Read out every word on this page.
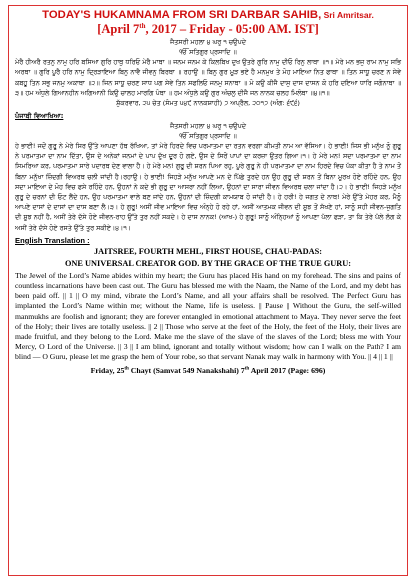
TODAY'S HUKAMNAMA FROM SRI DARBAR SAHIB, Sri Amritsar.
[April 7th, 2017 – Friday - 05:00 AM. IST]
ਜੈਤਸਰੀ ਮਹਲਾ ੪ ਘਰੁ ੧ ਚਉਪਦੇ
ੴ ਸਤਿਗੁਰ ਪ੍ਰਸਾਦਿ ॥
ਮੇਰੈ ਹੀਅਰੈ ਰਤਨੁ ਨਾਮੁ ਹਰਿ ਬਸਿਆ ਗੁਰਿ ਹਾਥੁ ਧਰਿਓ ਮੇਰੈ ਮਾਥਾ ॥ ਜਨਮ ਜਨਮ ਕੇ ਕਿਲਬਿਖ ਦੁਖ ਉਤਰੇ ਗੁਰਿ ਨਾਮੁ ਦੀਓ ਰਿਨੁ ਲਾਥਾ ॥੧॥ ਮੇਰੇ ਮਨ ਭਜੁ ਰਾਮ ਨਾਮੁ ਸਭਿ ਅਰਥਾ ॥ ਗੁਰਿ ਪੂਰੈ ਹਰਿ ਨਾਮੁ ਦ੍ਰਿੜਾਇਆ ਬਿਨੁ ਨਾਵੈ ਜੀਵਨੁ ਬਿਰਥਾ ॥ ਰਹਾਉ ॥ ਬਿਨੁ ਗੁਰ ਮੂੜ ਭਏ ਹੈ ਮਨਮੁਖ ਤੇ ਮੋਹ ਮਾਇਆ ਨਿਤ ਫਾਥਾ ॥ ਤਿਨ ਸਾਧੂ ਚਰਣ ਨ ਸੇਵੇ ਕਬਹੂ ਤਿਨ ਸਭੁ ਜਨਮੁ ਅਕਾਥਾ ॥੨॥ ਜਿਨ ਸਾਧੂ ਚਰਣ ਸਾਧ ਪਗ ਸੇਵੇ ਤਿਨ ਸਫਲਿਓ ਜਨਮੁ ਸਨਾਥਾ ॥ ਮੋ ਕਉ ਕੀਜੈ ਦਾਸੁ ਦਾਸ ਦਾਸਨ ਕੋ ਹਰਿ ਦਇਆ ਧਾਰਿ ਜਗੰਨਾਥਾ ॥੩॥ ਹਮ ਅੰਧੁਲੇ ਗਿਆਨਹੀਨ ਅਗਿਆਨੀ ਕਿਉ ਚਾਲਹ ਮਾਰਗਿ ਪੰਥਾ ॥ ਹਮ ਅੰਧੁਲੇ ਕਉ ਗੁਰ ਅੰਚਲੁ ਦੀਜੈ ਜਨ ਨਾਨਕ ਚਲਹ ਮਿਲੰਥਾ ॥੪॥੧॥
ਸ਼ੁੱਕਰਵਾਰ, ੨੫ ਚੇਤ (ਸੰਮਤ ੫੪੯ ਨਾਨਕਸ਼ਾਹੀ) ੭ ਅਪ੍ਰੈਲ, ੨੦੧੭ (ਅੰਗ: ੬੯੬)
ਪੰਜਾਬੀ ਵਿਆਖਿਆ:
ਜੈਤਸਰੀ ਮਹਲਾ ੪ ਘਰੁ ੧ ਚਉਪਦੇ
ੴ ਸਤਿਗੁਰ ਪ੍ਰਸਾਦਿ ॥
ਹੇ ਭਾਈ! ਜਦੋਂ ਗੁਰੂ ਨੇ ਮੇਰੇ ਸਿਰ ਉੱਤੇ ਆਪਣਾ ਹੱਥ ਰੱਖਿਆ, ਤਾਂ ਮੇਰੇ ਹਿਰਦੇ ਵਿਚ ਪਰਮਾਤਮਾ ਦਾ ਰਤਨ ਵਰਗਾ ਕੀਮਤੀ ਨਾਮ ਆ ਵੱਸਿਆ। ਹੇ ਭਾਈ! ਜਿਸ ਭੀ ਮਨੁੱਖ ਨੂੰ ਗੁਰੂ ਨੇ ਪਰਮਾਤਮਾ ਦਾ ਨਾਮ ਦਿੱਤਾ, ਉਸ ਦੇ ਅਨੇਕਾਂ ਜਨਮਾਂ ਦੇ ਪਾਪ ਦੁੱਖ ਦੂਰ ਹੋ ਗਏ, ਉਸ ਦੇ ਸਿਰੋਂ ਪਾਪਾਂ ਦਾ ਕਰਜ਼ਾ ਉਤਰ ਗਿਆ।੧। ਹੇ ਮੇਰੇ ਮਨ! ਸਦਾ ਪਰਮਾਤਮਾ ਦਾ ਨਾਮ ਸਿਮਰਿਆ ਕਰ, ਪਰਮਾਤਮਾ ਸਾਰੇ ਪਦਾਰਥ ਦੇਣ ਵਾਲਾ ਹੈ। ਹੇ ਮੇਰੇ ਮਨ! ਗੁਰੂ ਦੀ ਸ਼ਰਨ ਪਿਆ ਰਹੁ, ਪੂਰੇ ਗੁਰੂ ਨੇ ਹੀ ਪਰਮਾਤਮਾ ਦਾ ਨਾਮ ਹਿਰਦੇ ਵਿਚ ਪੱਕਾ ਕੀਤਾ ਹੈ ਤੇ ਨਾਮ ਤੋਂ ਬਿਨਾ ਮਨੁੱਖਾ ਜ਼ਿੰਦਗੀ ਵਿਅਰਥ ਚਲੀ ਜਾਂਦੀ ਹੈ।ਰਹਾਉ। ਹੇ ਭਾਈ! ਜਿਹੜੇ ਮਨੁੱਖ ਆਪਣੇ ਮਨ ਦੇ ਪਿੱਛੇ ਤੁਰਦੇ ਹਨ ਉਹ ਗੁਰੂ ਦੀ ਸ਼ਰਨ ਤੋਂ ਬਿਨਾ ਮੂਰਖ ਹੋਏ ਰਹਿੰਦੇ ਹਨ, ਉਹ ਸਦਾ ਮਾਇਆ ਦੇ ਮੋਹ ਵਿਚ ਫਸੇ ਰਹਿੰਦੇ ਹਨ, ਉਹਨਾਂ ਨੇ ਕਦੇ ਭੀ ਗੁਰੂ ਦਾ ਆਸਰਾ ਨਹੀਂ ਲਿਆ, ਉਹਨਾਂ ਦਾ ਸਾਰਾ ਜੀਵਨ ਵਿਅਰਥ ਚਲਾ ਜਾਂਦਾ ਹੈ।੨। ਹੇ ਭਾਈ! ਜਿਹੜੇ ਮਨੁੱਖ ਗੁਰੂ ਦੇ ਚਰਨਾਂ ਦੀ ਓਟ ਲੈਂਦੇ ਹਨ, ਉਹ ਪਰਮਾਤਮਾ ਵਾਲੇ ਬਣ ਜਾਂਦੇ ਹਨ, ਉਹਨਾਂ ਦੀ ਜ਼ਿੰਦਗੀ ਕਾਮਯਾਬ ਹੋ ਜਾਂਦੀ ਹੈ। ਹੇ ਹਰੀ! ਹੇ ਜਗਤ ਦੇ ਨਾਥ! ਮੇਰੇ ਉੱਤੇ ਮੇਹਰ ਕਰ, ਮੈਨੂੰ ਆਪਣੇ ਦਾਸਾਂ ਦੇ ਦਾਸਾਂ ਦਾ ਦਾਸ ਬਣਾ ਲੈ।੩। ਹੇ ਗੁਰੂ! ਅਸੀਂ ਜੀਵ ਮਾਇਆ ਵਿਚ ਅੰਨ੍ਹੇ ਹੋ ਰਹੇ ਹਾਂ, ਅਸੀਂ ਆਤਮਕ ਜੀਵਨ ਦੀ ਸੂਝ ਤੋਂ ਸੱਖਣੇ ਹਾਂ, ਸਾਨੂੰ ਸਹੀ ਜੀਵਨ-ਜੁਗਤਿ ਦੀ ਸੂਝ ਨਹੀਂ ਹੈ, ਅਸੀਂ ਤੇਰੇ ਦੱਸੇ ਹੋਏ ਜੀਵਨ-ਰਾਹ ਉੱਤੇ ਤੁਰ ਨਹੀਂ ਸਕਦੇ। ਹੇ ਦਾਸ ਨਾਨਕ! (ਆਖ-) ਹੇ ਗੁਰੂ! ਸਾਨੂੰ ਅੰਨ੍ਹਿਆਂ ਨੂੰ ਆਪਣਾ ਪੱਲਾ ਫੜਾ, ਤਾ ਕਿ ਤੇਰੇ ਪੱਲੇ ਲੱਗ ਕੇ ਅਸੀਂ ਤੇਰੇ ਦੱਸੇ ਹੋਏ ਰਸਤੇ ਉੱਤੇ ਤੁਰ ਸਕੀਏ।੪।੧।
English Translation :
JAITSREE, FOURTH MEHL, FIRST HOUSE, CHAU-PADAS:
ONE UNIVERSAL CREATOR GOD. BY THE GRACE OF THE TRUE GURU:
The Jewel of the Lord’s Name abides within my heart; the Guru has placed His hand on my forehead. The sins and pains of countless incarnations have been cast out. The Guru has blessed me with the Naam, the Name of the Lord, and my debt has been paid off. || 1 || O my mind, vibrate the Lord’s Name, and all your affairs shall be resolved. The Perfect Guru has implanted the Lord’s Name within me; without the Name, life is useless. || Pause || Without the Guru, the self-willed manmukhs are foolish and ignorant; they are forever entangled in emotional attachment to Maya. They never serve the feet of the Holy; their lives are totally useless. || 2 || Those who serve at the feet of the Holy, the feet of the Holy, their lives are made fruitful, and they belong to the Lord. Make me the slave of the slave of the slaves of the Lord; bless me with Your Mercy, O Lord of the Universe. || 3 || I am blind, ignorant and totally without wisdom; how can I walk on the Path? I am blind — O Guru, please let me grasp the hem of Your robe, so that servant Nanak may walk in harmony with You. || 4 || 1 ||
Friday, 25th Chayt (Samvat 549 Nanakshahi) 7th April 2017 (Page: 696)
